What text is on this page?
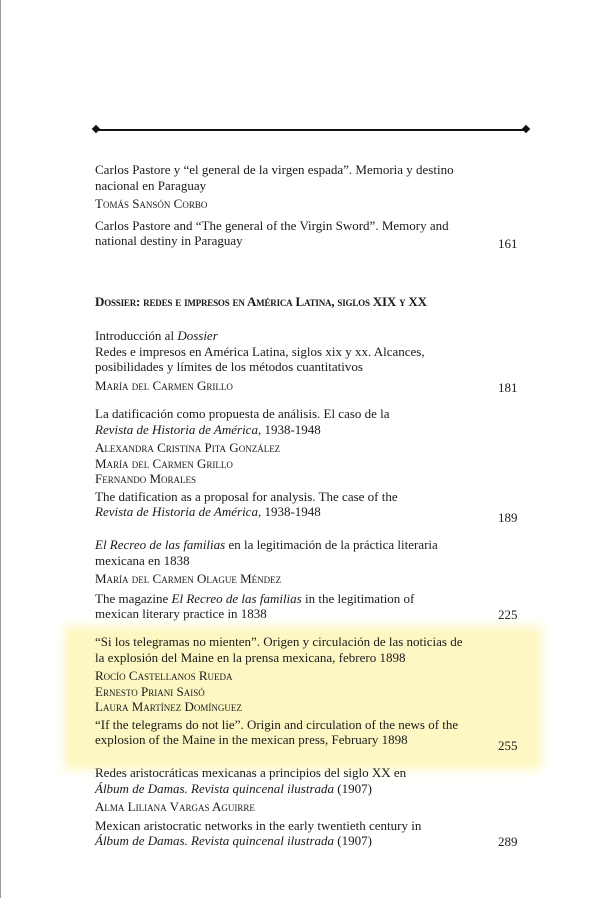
Carlos Pastore y “el general de la virgen espada”. Memoria y destino nacional en Paraguay

Tomás Sansón Corbo

Carlos Pastore and “The general of the Virgin Sword”. Memory and national destiny in Paraguay	161
Dossier: redes e impresos en América Latina, siglos XIX y XX

Introducción al Dossier

Redes e impresos en América Latina, siglos xix y xx. Alcances, posibilidades y límites de los métodos cuantitativos

María del Carmen Grillo	181

La datificación como propuesta de análisis. El caso de la
Revista de Historia de América, 1938-1948

Alexandra Cristina Pita González

María del Carmen Grillo

Fernando Morales

The datification as a proposal for analysis. The case of the
Revista de Historia de América, 1938-1948	189

El Recreo de las familias en la legitimación de la práctica literaria mexicana en 1838

María del Carmen Olague Méndez

The magazine El Recreo de las familias in the legitimation of mexican literary practice in 1838	225

“Si los telegramas no mienten”. Origen y circulación de las noticias de la explosión del Maine en la prensa mexicana, febrero 1898

Rocío Castellanos Rueda

Ernesto Priani Saisó

Laura Martínez Domínguez

“If the telegrams do not lie”. Origin and circulation of the news of the explosion of the Maine in the mexican press, February 1898	255

Redes aristocráticas mexicanas a principios del siglo XX en
Álbum de Damas. Revista quincenal ilustrada (1907)

Alma Liliana Vargas Aguirre

Mexican aristocratic networks in the early twentieth century in
Álbum de Damas. Revista quincenal ilustrada (1907)	289
